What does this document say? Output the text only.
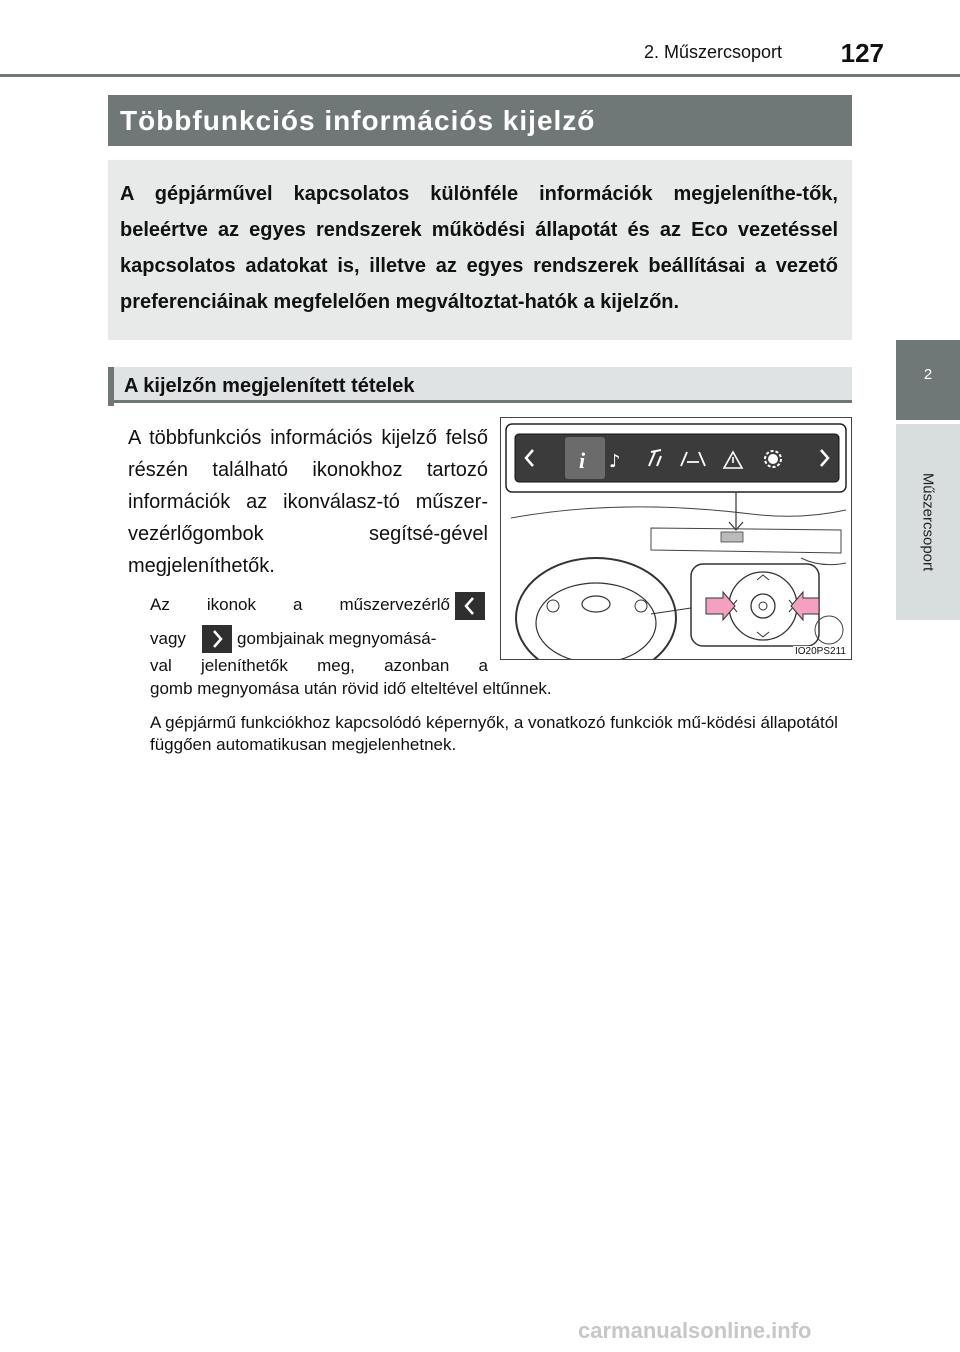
2. Műszercsoport 127
2
Műszercsoport
Többfunkciós információs kijelző
A gépjárművel kapcsolatos különféle információk megjeleníthe-tők, beleértve az egyes rendszerek működési állapotát és az Eco vezetéssel kapcsolatos adatokat is, illetve az egyes rendszerek beállításai a vezető preferenciáinak megfelelően megváltoztat-hatók a kijelzőn.
A kijelzőn megjelenített tételek
A többfunkciós információs kijelző felső részén található ikonokhoz tartozó információk az ikonválasz-tó műszer-vezérlőgombok segítsé-gével megjeleníthetők.
Az ikonok a műszervezérlő
vagy	gombjainak megnyomásá-
val jeleníthetők meg, azonban a
gomb megnyomása után rövid idő elteltével eltűnnek.
A gépjármű funkciókhoz kapcsolódó képernyők, a vonatkozó funkciók mű-ködési állapotától függően automatikusan megjelenhetnek.
i ♪
IO20PS211
carmanualsonline.info
